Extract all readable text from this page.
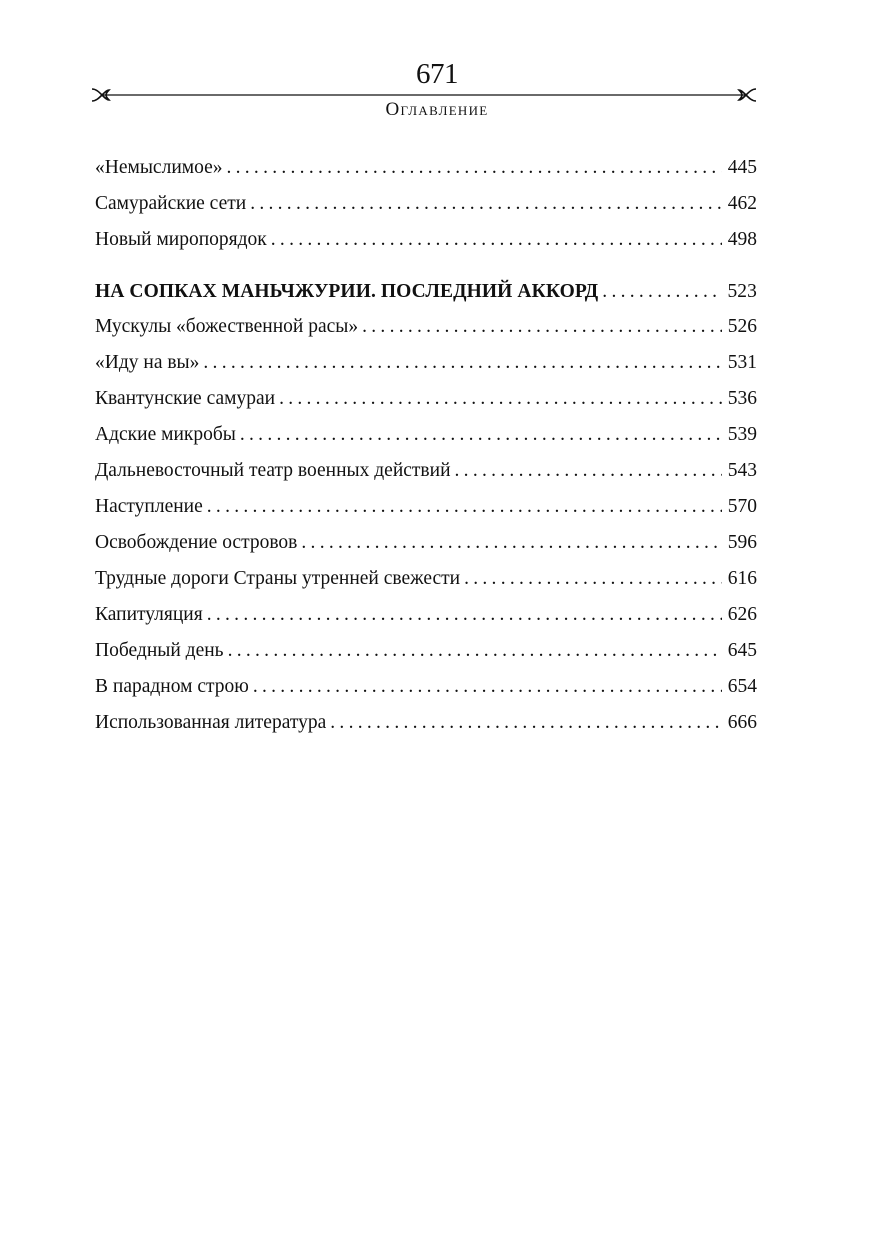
671
Оглавление
«Немыслимое» . . .	445
Самурайские сети . . .	462
Новый миропорядок . . .	498
НА СОПКАХ МАНЬЧЖУРИИ. ПОСЛЕДНИЙ АККОРД . . .	523
Мускулы «божественной расы» . . .	526
«Иду на вы» . . .	531
Квантунские самураи . . .	536
Адские микробы . . .	539
Дальневосточный театр военных действий . . .	543
Наступление . . .	570
Освобождение островов . . .	596
Трудные дороги Страны утренней свежести . . .	616
Капитуляция . . .	626
Победный день . . .	645
В парадном строю . . .	654
Использованная литература . . .	666
